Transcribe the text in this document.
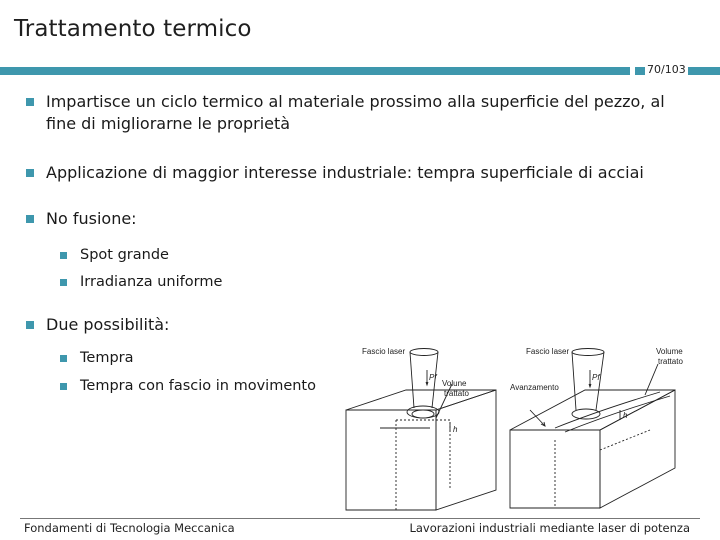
Trattamento termico
70/103
Impartisce un ciclo termico al materiale prossimo alla superficie del pezzo, al
fine di migliorarne le proprietà
Applicazione di maggior interesse industriale: tempra superficiale di acciai
No fusione:
Spot grande
Irradianza uniforme
Due possibilità:
Tempra
Tempra con fascio in movimento
Fascio laser
Volune
trattato
Pf
h
Fascio laser	Volume
trattato
Avanzamento
Pf
h
Fondamenti di Tecnologia Meccanica	Lavorazioni industriali mediante laser di potenza
